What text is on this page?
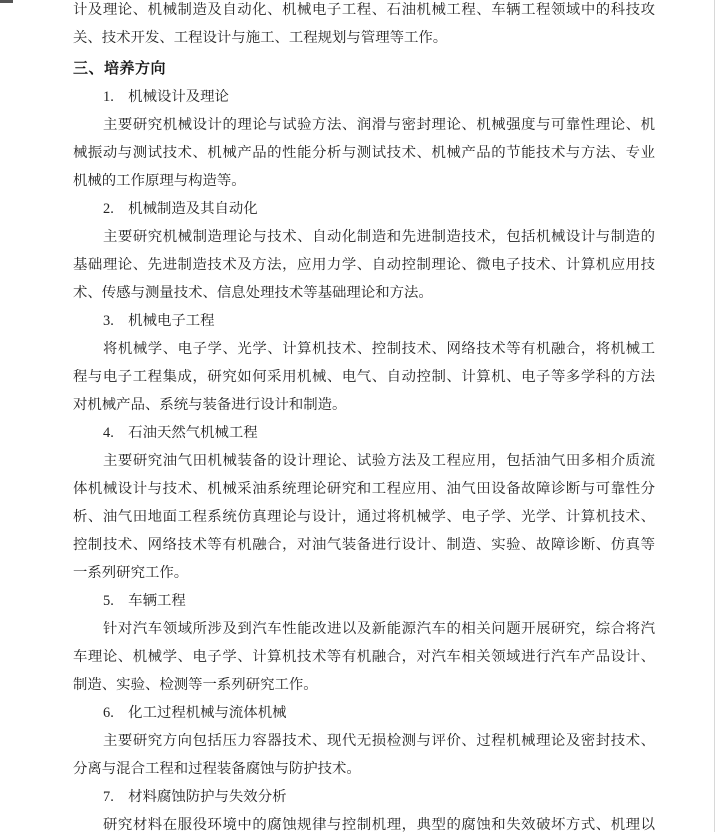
计及理论、机械制造及自动化、机械电子工程、石油机械工程、车辆工程领域中的科技攻
关、技术开发、工程设计与施工、工程规划与管理等工作。
三、培养方向
1.　机械设计及理论
主要研究机械设计的理论与试验方法、润滑与密封理论、机械强度与可靠性理论、机
械振动与测试技术、机械产品的性能分析与测试技术、机械产品的节能技术与方法、专业
机械的工作原理与构造等。
2.　机械制造及其自动化
主要研究机械制造理论与技术、自动化制造和先进制造技术，包括机械设计与制造的
基础理论、先进制造技术及方法，应用力学、自动控制理论、微电子技术、计算机应用技
术、传感与测量技术、信息处理技术等基础理论和方法。
3.　机械电子工程
将机械学、电子学、光学、计算机技术、控制技术、网络技术等有机融合，将机械工
程与电子工程集成，研究如何采用机械、电气、自动控制、计算机、电子等多学科的方法
对机械产品、系统与装备进行设计和制造。
4.　石油天然气机械工程
主要研究油气田机械装备的设计理论、试验方法及工程应用，包括油气田多相介质流
体机械设计与技术、机械采油系统理论研究和工程应用、油气田设备故障诊断与可靠性分
析、油气田地面工程系统仿真理论与设计，通过将机械学、电子学、光学、计算机技术、
控制技术、网络技术等有机融合，对油气装备进行设计、制造、实验、故障诊断、仿真等
一系列研究工作。
5.　车辆工程
针对汽车领域所涉及到汽车性能改进以及新能源汽车的相关问题开展研究，综合将汽
车理论、机械学、电子学、计算机技术等有机融合，对汽车相关领域进行汽车产品设计、
制造、实验、检测等一系列研究工作。
6.　化工过程机械与流体机械
主要研究方向包括压力容器技术、现代无损检测与评价、过程机械理论及密封技术、
分离与混合工程和过程装备腐蚀与防护技术。
7.　材料腐蚀防护与失效分析
研究材料在服役环境中的腐蚀规律与控制机理，典型的腐蚀和失效破坏方式、机理以
